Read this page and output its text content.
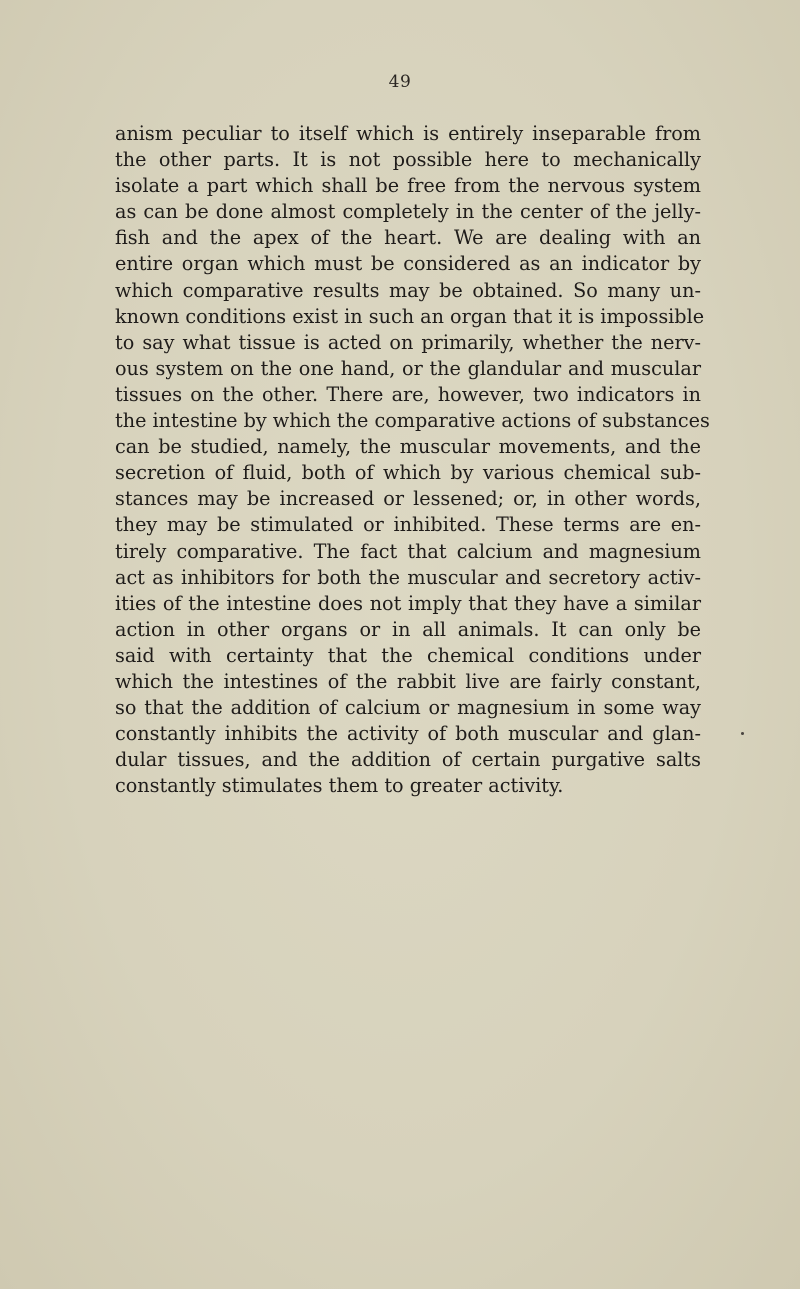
49
anism peculiar to itself which is entirely inseparable from
the other parts. It is not possible here to mechanically
isolate a part which shall be free from the nervous system
as can be done almost completely in the center of the jelly-
fish and the apex of the heart. We are dealing with an
entire organ which must be considered as an indicator by
which comparative results may be obtained. So many un-
known conditions exist in such an organ that it is impossible
to say what tissue is acted on primarily, whether the nerv-
ous system on the one hand, or the glandular and muscular
tissues on the other. There are, however, two indicators in
the intestine by which the comparative actions of substances
can be studied, namely, the muscular movements, and the
secretion of fluid, both of which by various chemical sub-
stances may be increased or lessened; or, in other words,
they may be stimulated or inhibited. These terms are en-
tirely comparative. The fact that calcium and magnesium
act as inhibitors for both the muscular and secretory activ-
ities of the intestine does not imply that they have a similar
action in other organs or in all animals. It can only be
said with certainty that the chemical conditions under
which the intestines of the rabbit live are fairly constant,
so that the addition of calcium or magnesium in some way
constantly inhibits the activity of both muscular and glan-
dular tissues, and the addition of certain purgative salts
constantly stimulates them to greater activity.
